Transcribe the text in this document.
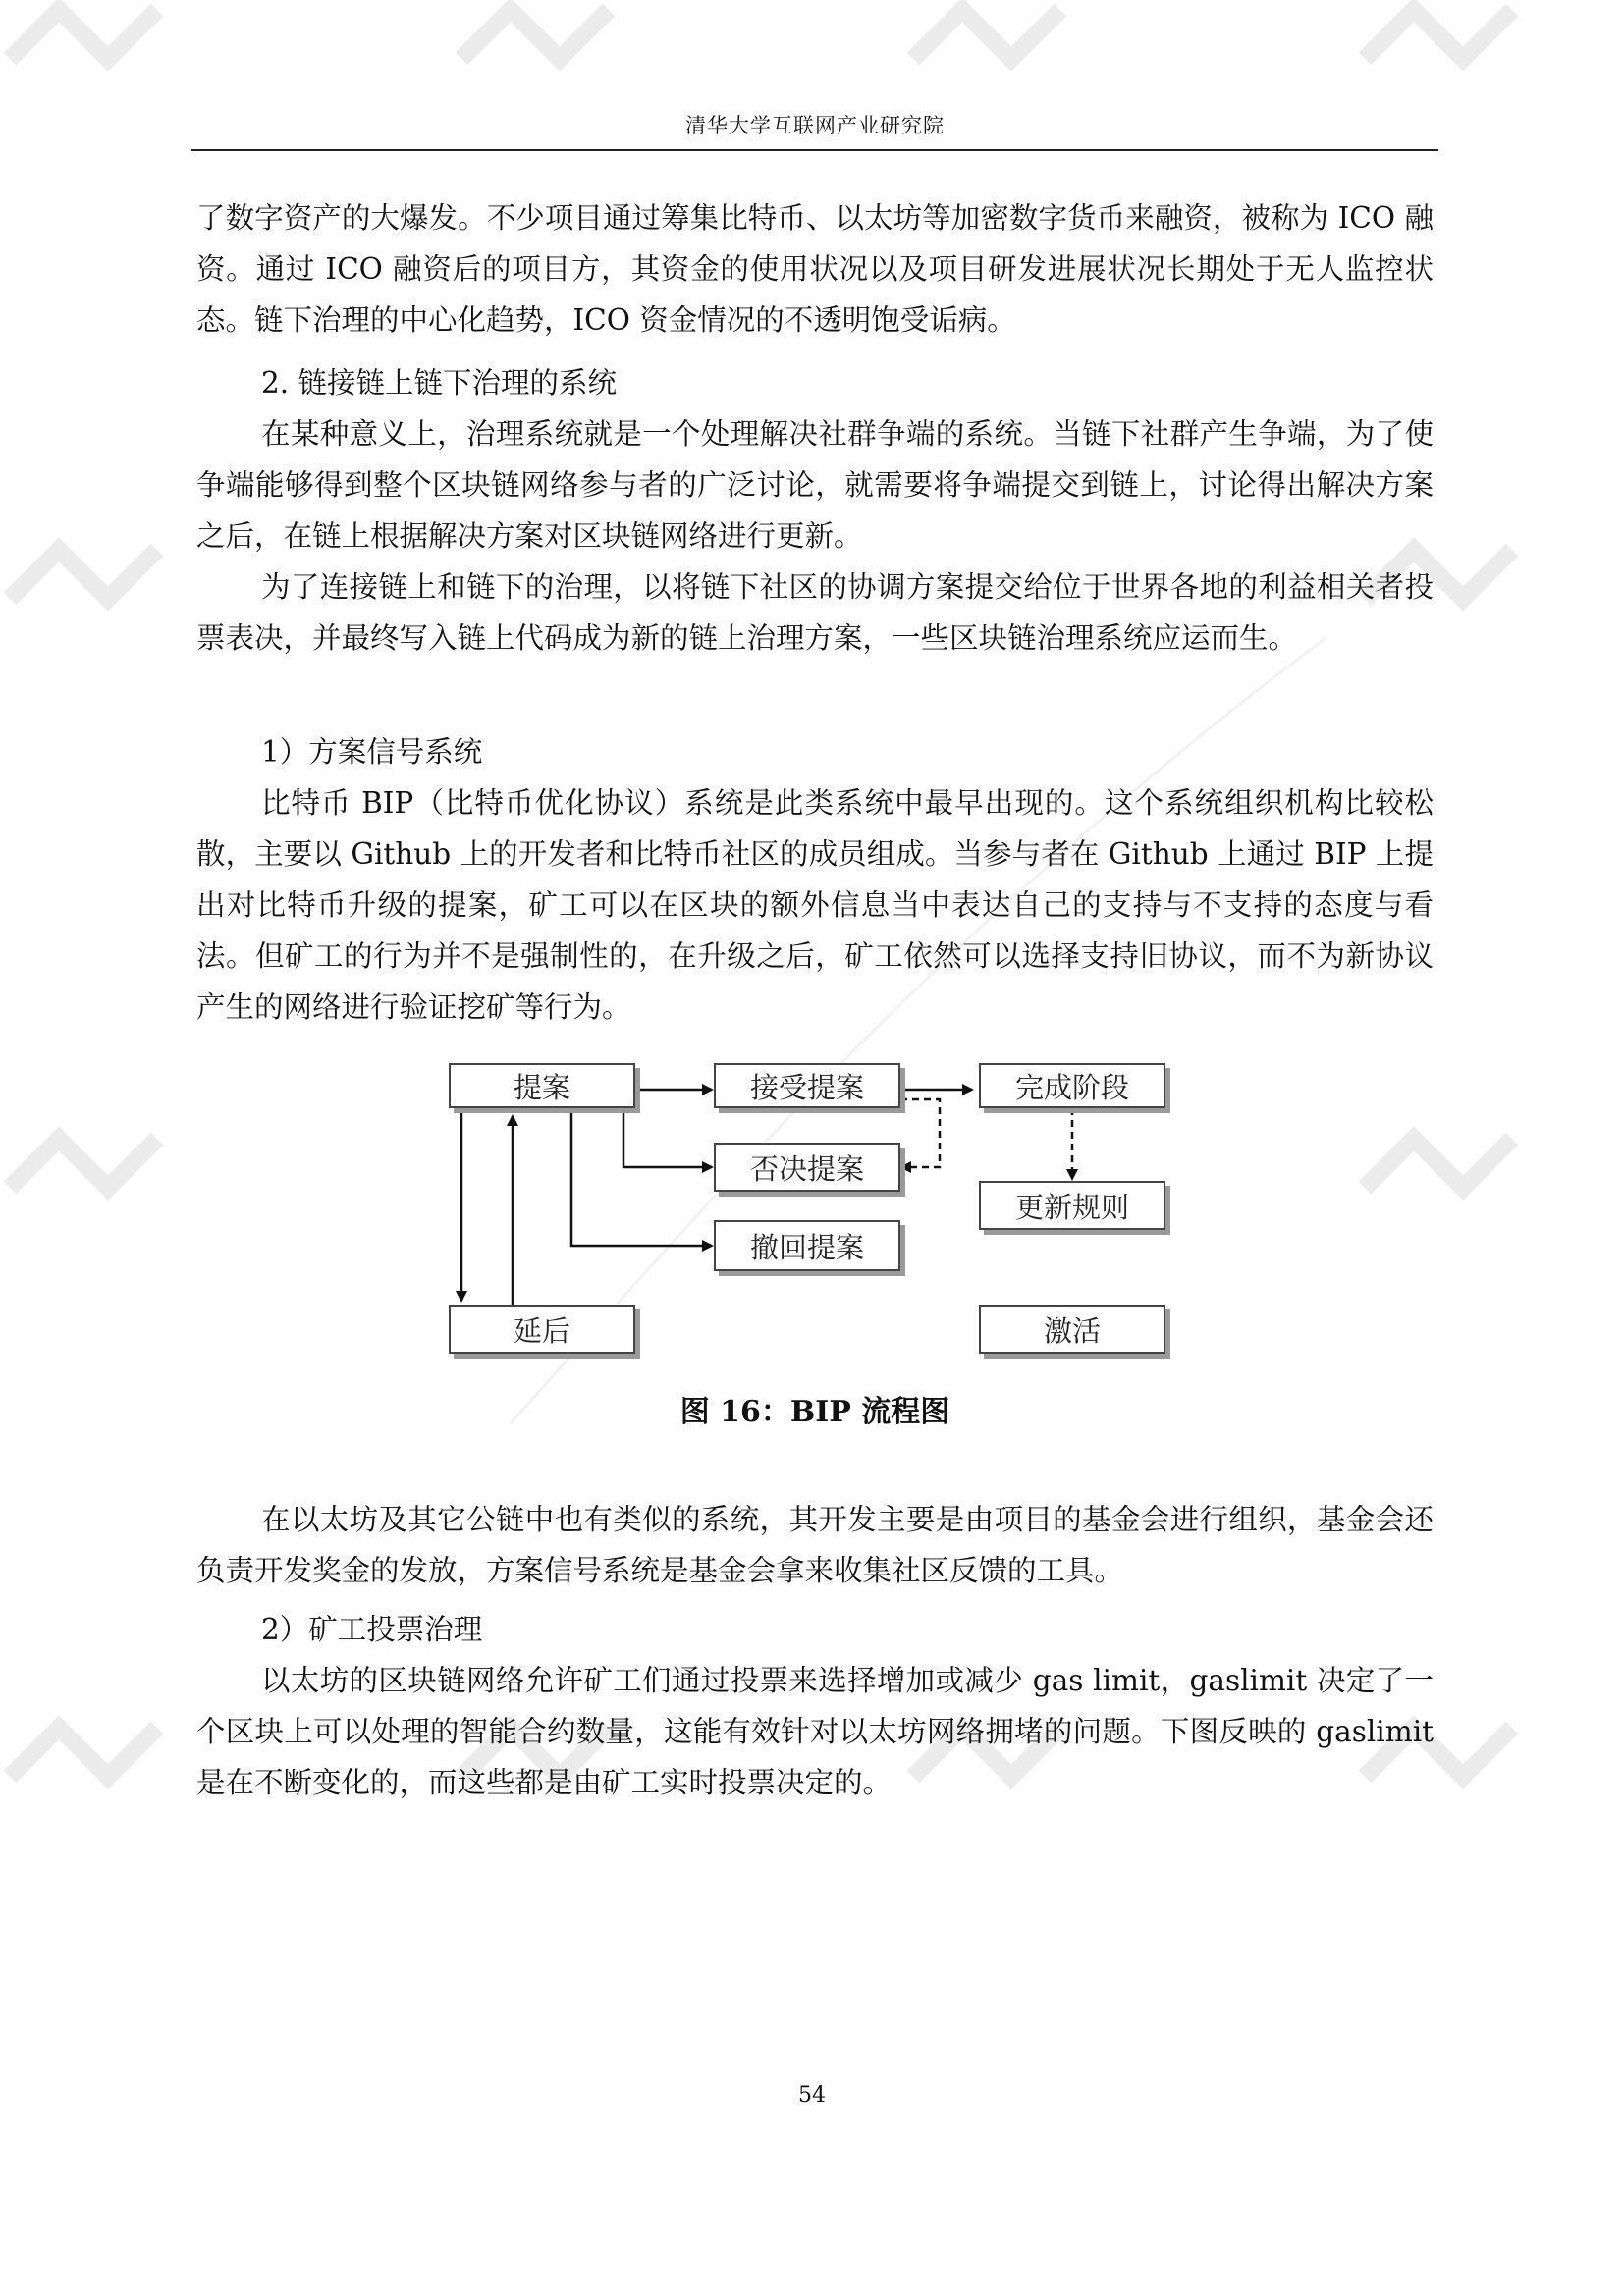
清华大学互联网产业研究院

了数字资产的大爆发。不少项目通过筹集比特币、以太坊等加密数字货币来融资，被称为 ICO 融资。通过 ICO 融资后的项目方，其资金的使用状况以及项目研发进展状况长期处于无人监控状态。链下治理的中心化趋势，ICO 资金情况的不透明饱受诟病。

2. 链接链上链下治理的系统

在某种意义上，治理系统就是一个处理解决社群争端的系统。当链下社群产生争端，为了使争端能够得到整个区块链网络参与者的广泛讨论，就需要将争端提交到链上，讨论得出解决方案之后，在链上根据解决方案对区块链网络进行更新。

为了连接链上和链下的治理，以将链下社区的协调方案提交给位于世界各地的利益相关者投票表决，并最终写入链上代码成为新的链上治理方案，一些区块链治理系统应运而生。

1）方案信号系统

比特币 BIP（比特币优化协议）系统是此类系统中最早出现的。这个系统组织机构比较松散，主要以 Github 上的开发者和比特币社区的成员组成。当参与者在 Github 上通过 BIP 上提出对比特币升级的提案，矿工可以在区块的额外信息当中表达自己的支持与不支持的态度与看法。但矿工的行为并不是强制性的，在升级之后，矿工依然可以选择支持旧协议，而不为新协议产生的网络进行验证挖矿等行为。

提案	接受提案
否决提案
撤回提案
延后
完成阶段
更新规则
激活
图 16：BIP 流程图

在以太坊及其它公链中也有类似的系统，其开发主要是由项目的基金会进行组织，基金会还负责开发奖金的发放，方案信号系统是基金会拿来收集社区反馈的工具。

2）矿工投票治理

以太坊的区块链网络允许矿工们通过投票来选择增加或减少 gas limit，gaslimit 决定了一个区块上可以处理的智能合约数量，这能有效针对以太坊网络拥堵的问题。下图反映的 gaslimit 是在不断变化的，而这些都是由矿工实时投票决定的。

54
